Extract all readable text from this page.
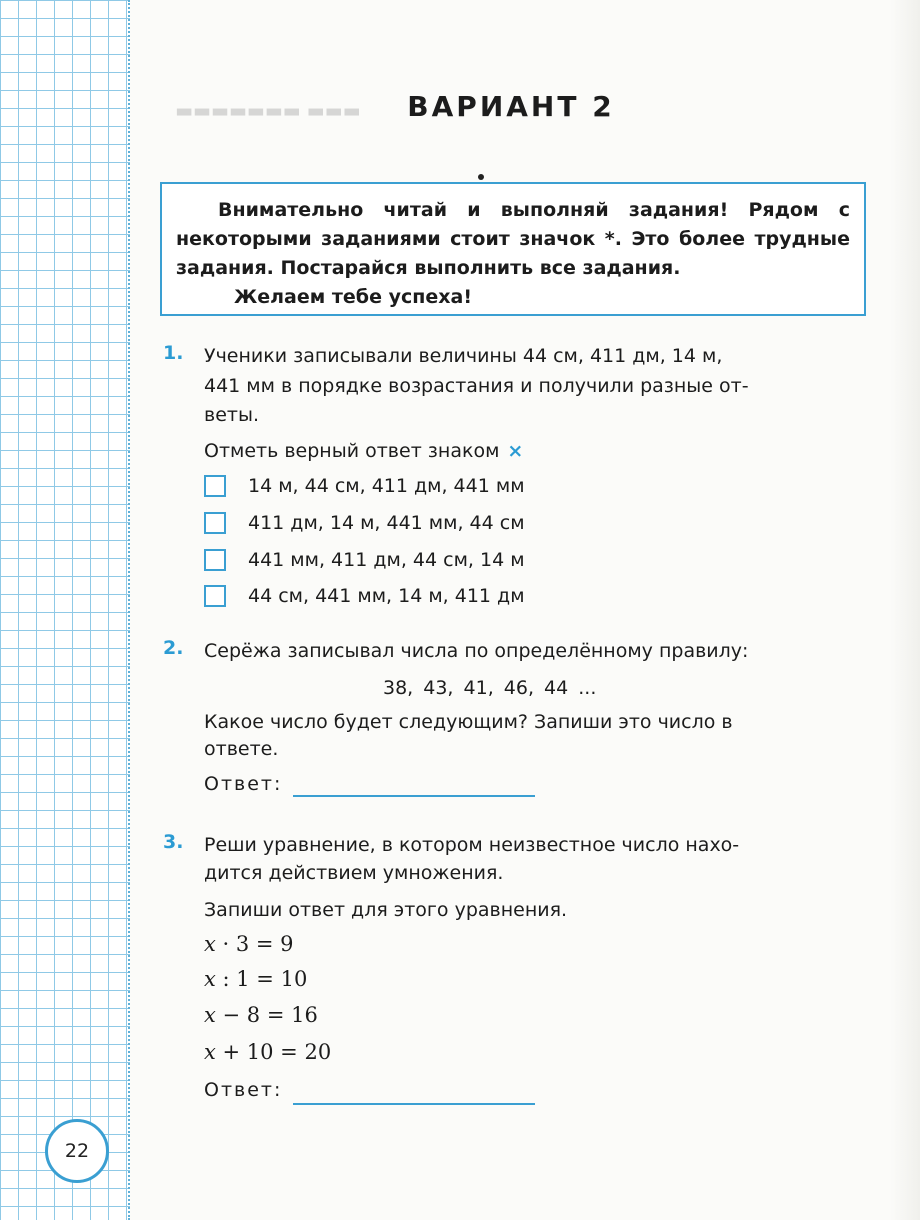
▬▬▬ ▬▬▬▬▬▬▬	ВАРИАНТ 2
Внимательно читай и выполняй задания! Рядом с некоторыми заданиями стоит значок *. Это более трудные задания. Постарайся выполнить все задания.
Желаем тебе успеха!
1. Ученики записывали величины 44 см, 411 дм, 14 м,
441 мм в порядке возрастания и получили разные от-
веты.
Отметь верный ответ знаком ×
14 м, 44 см, 411 дм, 441 мм
411 дм, 14 м, 441 мм, 44 см
441 мм, 411 дм, 44 см, 14 м
44 см, 441 мм, 14 м, 411 дм
2. Серёжа записывал числа по определённому правилу:
38, 43, 41, 46, 44 ...
Какое число будет следующим? Запиши это число в
ответе.
Ответ:
3. Реши уравнение, в котором неизвестное число нахо-
дится действием умножения.
Запиши ответ для этого уравнения.
x · 3 = 9
x : 1 = 10
x − 8 = 16
x + 10 = 20
Ответ:
22
